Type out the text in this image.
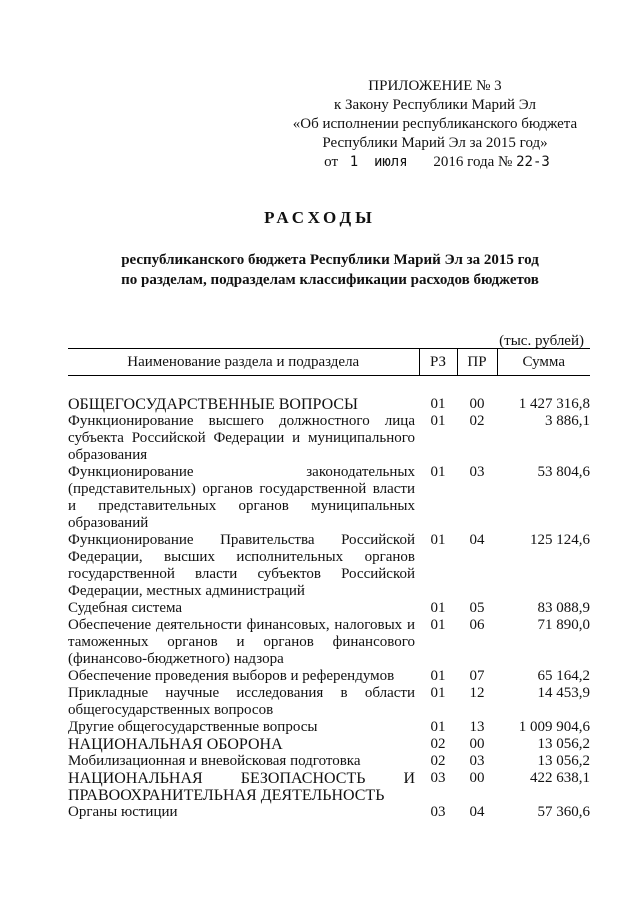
ПРИЛОЖЕНИЕ № 3
к Закону Республики Марий Эл
«Об исполнении республиканского бюджета
Республики Марий Эл за 2015 год»
от 1 июля 2016 года № 22-З
РАСХОДЫ
республиканского бюджета Республики Марий Эл за 2015 год
по разделам, подразделам классификации расходов бюджетов
(тыс. рублей)
Наименование раздела и подраздела	РЗ	ПР	Сумма

ОБЩЕГОСУДАРСТВЕННЫЕ ВОПРОСЫ	01	00	1 427 316,8
Функционирование высшего должностного лица субъекта Российской Федерации и муниципального образования	01	02	3 886,1
Функционирование законодательных (представительных) органов государственной власти и представительных органов муниципальных образований	01	03	53 804,6
Функционирование Правительства Российской Федерации, высших исполнительных органов государственной власти субъектов Российской Федерации, местных администраций	01	04	125 124,6
Судебная система	01	05	83 088,9
Обеспечение деятельности финансовых, налоговых и таможенных органов и органов финансового (финансово-бюджетного) надзора	01	06	71 890,0
Обеспечение проведения выборов и референдумов	01	07	65 164,2
Прикладные научные исследования в области общегосударственных вопросов	01	12	14 453,9
Другие общегосударственные вопросы	01	13	1 009 904,6
НАЦИОНАЛЬНАЯ ОБОРОНА	02	00	13 056,2
Мобилизационная и вневойсковая подготовка	02	03	13 056,2
НАЦИОНАЛЬНАЯ БЕЗОПАСНОСТЬ И ПРАВООХРАНИТЕЛЬНАЯ ДЕЯТЕЛЬНОСТЬ	03	00	422 638,1
Органы юстиции	03	04	57 360,6
